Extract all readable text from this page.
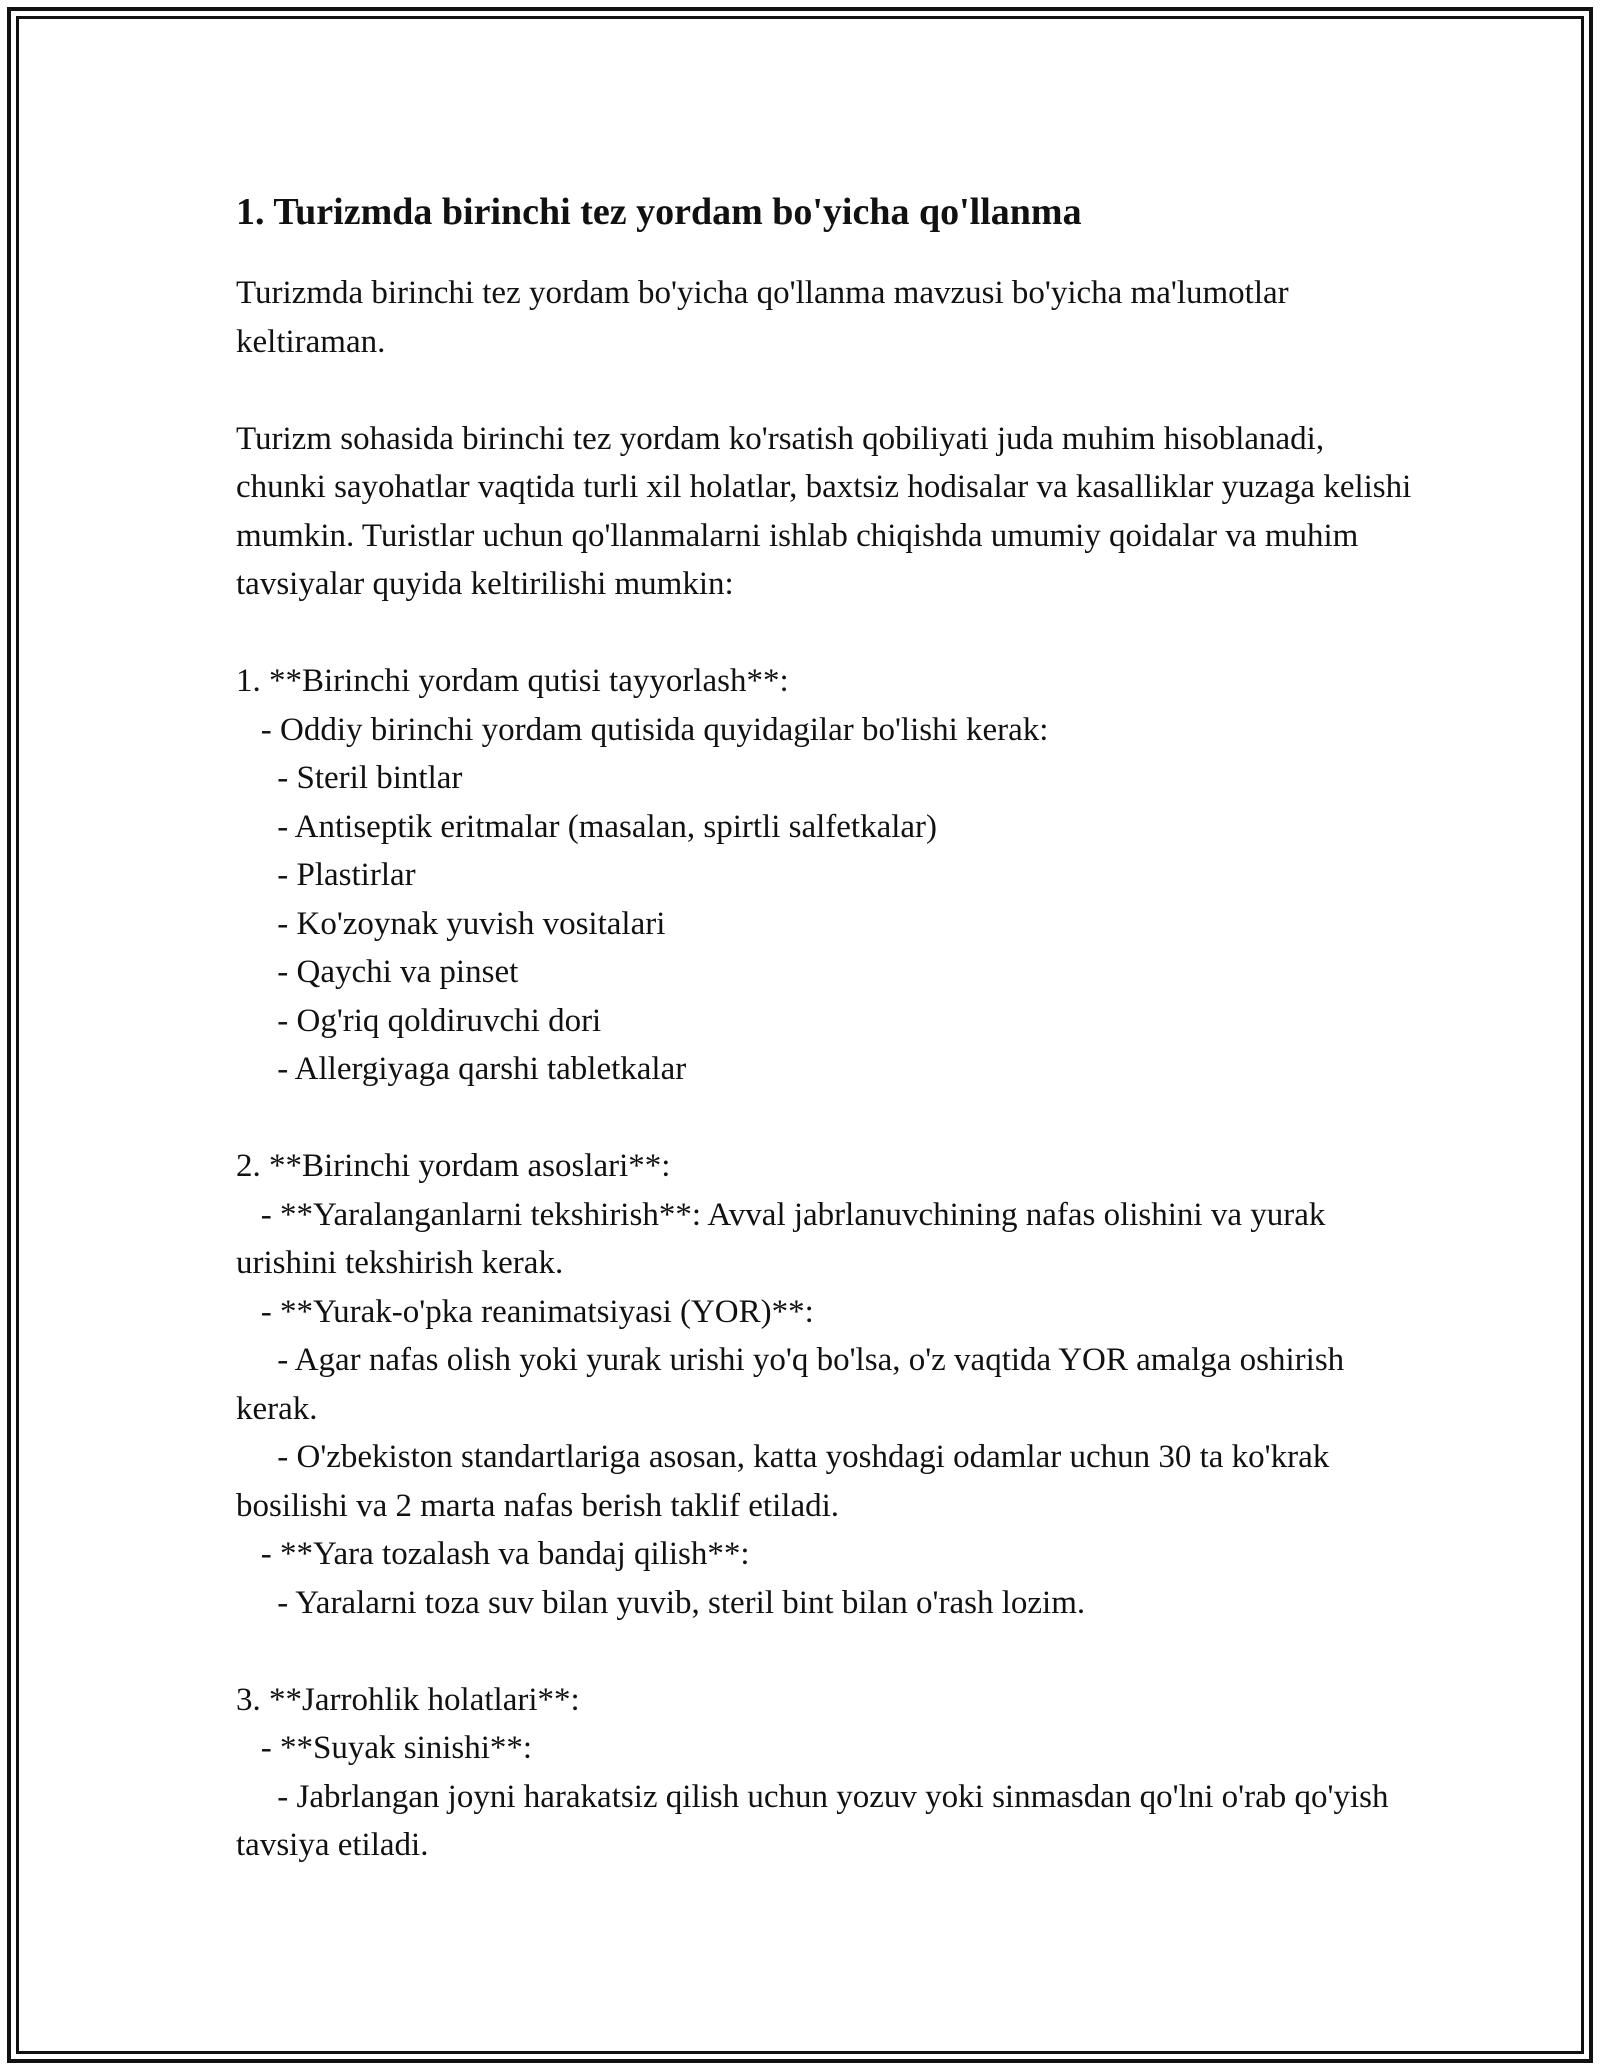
1. Turizmda birinchi tez yordam bo'yicha qo'llanma

Turizmda birinchi tez yordam bo'yicha qo'llanma mavzusi bo'yicha ma'lumotlar keltiraman.

Turizm sohasida birinchi tez yordam ko'rsatish qobiliyati juda muhim hisoblanadi, chunki sayohatlar vaqtida turli xil holatlar, baxtsiz hodisalar va kasalliklar yuzaga kelishi mumkin. Turistlar uchun qo'llanmalarni ishlab chiqishda umumiy qoidalar va muhim tavsiyalar quyida keltirilishi mumkin:

1. **Birinchi yordam qutisi tayyorlash**:
- Oddiy birinchi yordam qutisida quyidagilar bo'lishi kerak:
- Steril bintlar
- Antiseptik eritmalar (masalan, spirtli salfetkalar)
- Plastirlar
- Ko'zoynak yuvish vositalari
- Qaychi va pinset
- Og'riq qoldiruvchi dori
- Allergiyaga qarshi tabletkalar
2. **Birinchi yordam asoslari**:
- **Yaralanganlarni tekshirish**: Avval jabrlanuvchining nafas olishini va yurak urishini tekshirish kerak.
- **Yurak-o'pka reanimatsiyasi (YOR)**:
- Agar nafas olish yoki yurak urishi yo'q bo'lsa, o'z vaqtida YOR amalga oshirish kerak.
- O'zbekiston standartlariga asosan, katta yoshdagi odamlar uchun 30 ta ko'krak bosilishi va 2 marta nafas berish taklif etiladi.
- **Yara tozalash va bandaj qilish**:
- Yaralarni toza suv bilan yuvib, steril bint bilan o'rash lozim.
3. **Jarrohlik holatlari**:
- **Suyak sinishi**:
- Jabrlangan joyni harakatsiz qilish uchun yozuv yoki sinmasdan qo'lni o'rab qo'yish tavsiya etiladi.
